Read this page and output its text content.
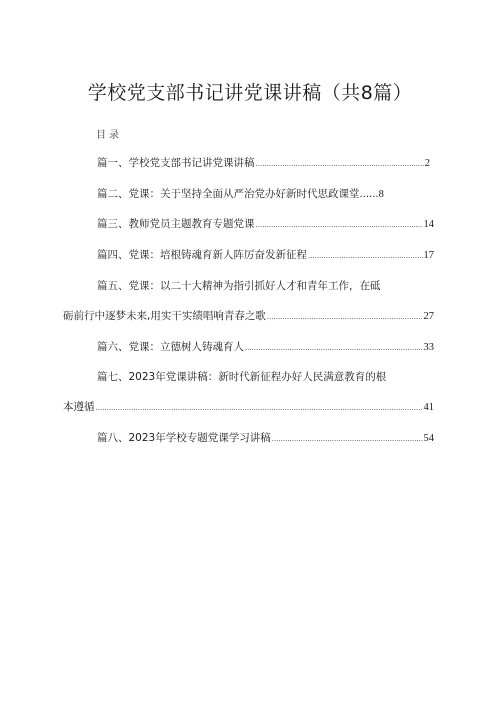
学校党支部书记讲党课讲稿（共8篇）
目录
篇一、学校党支部书记讲党课讲稿 .....	2
篇二、党课：关于坚持全面从严治党办好新时代思政课堂 ...... 8
篇三、教师党员主题教育专题党课 .....	14
篇四、党课：培根铸魂育新人阵厉奋发新征程 .....	17
篇五、党课：以二十大精神为指引抓好人才和青年工作，在砥
砺前行中逐梦未来,用实干实绩唱响青春之歌 .....	27
篇六、党课：立德树人铸魂育人 .....	33
篇七、2023年党课讲稿：新时代新征程办好人民满意教育的根
本遵循 .....	41
篇八、2023年学校专题党课学习讲稿 .....	54
